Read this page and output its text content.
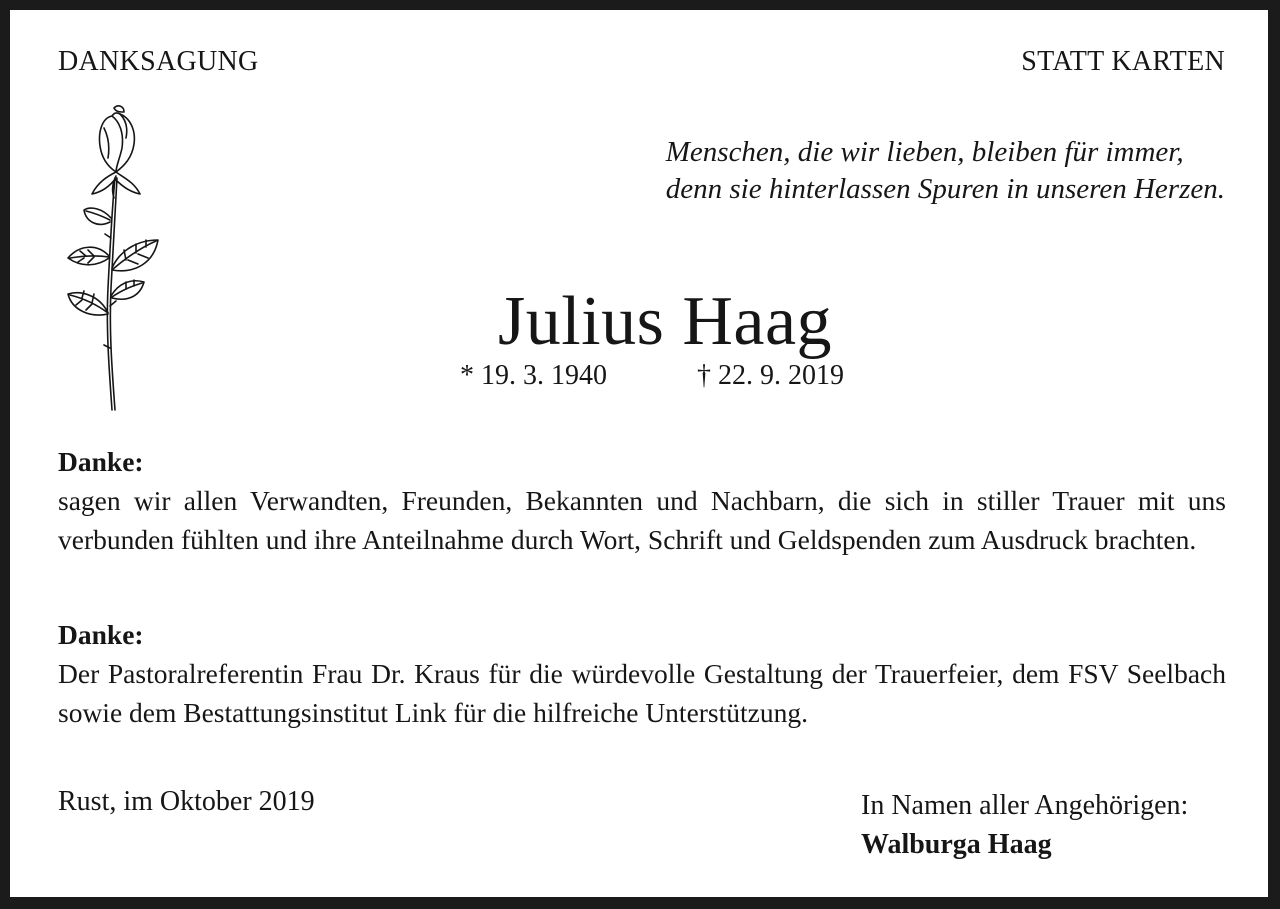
DANKSAGUNG	STATT KARTEN

Menschen, die wir lieben, bleiben für immer,
denn sie hinterlassen Spuren in unseren Herzen.

Julius Haag
* 19. 3. 1940	† 22. 9. 2019

Danke:
sagen wir allen Verwandten, Freunden, Bekannten und Nachbarn, die sich in stiller Trauer mit uns verbunden fühlten und ihre Anteilnahme durch Wort, Schrift und Geldspenden zum Ausdruck brachten.

Danke:
Der Pastoralreferentin Frau Dr. Kraus für die würdevolle Gestaltung der Trauerfeier, dem FSV Seelbach sowie dem Bestattungsinstitut Link für die hilfreiche Unterstützung.

Rust, im Oktober 2019	In Namen aller Angehörigen:
Walburga Haag
